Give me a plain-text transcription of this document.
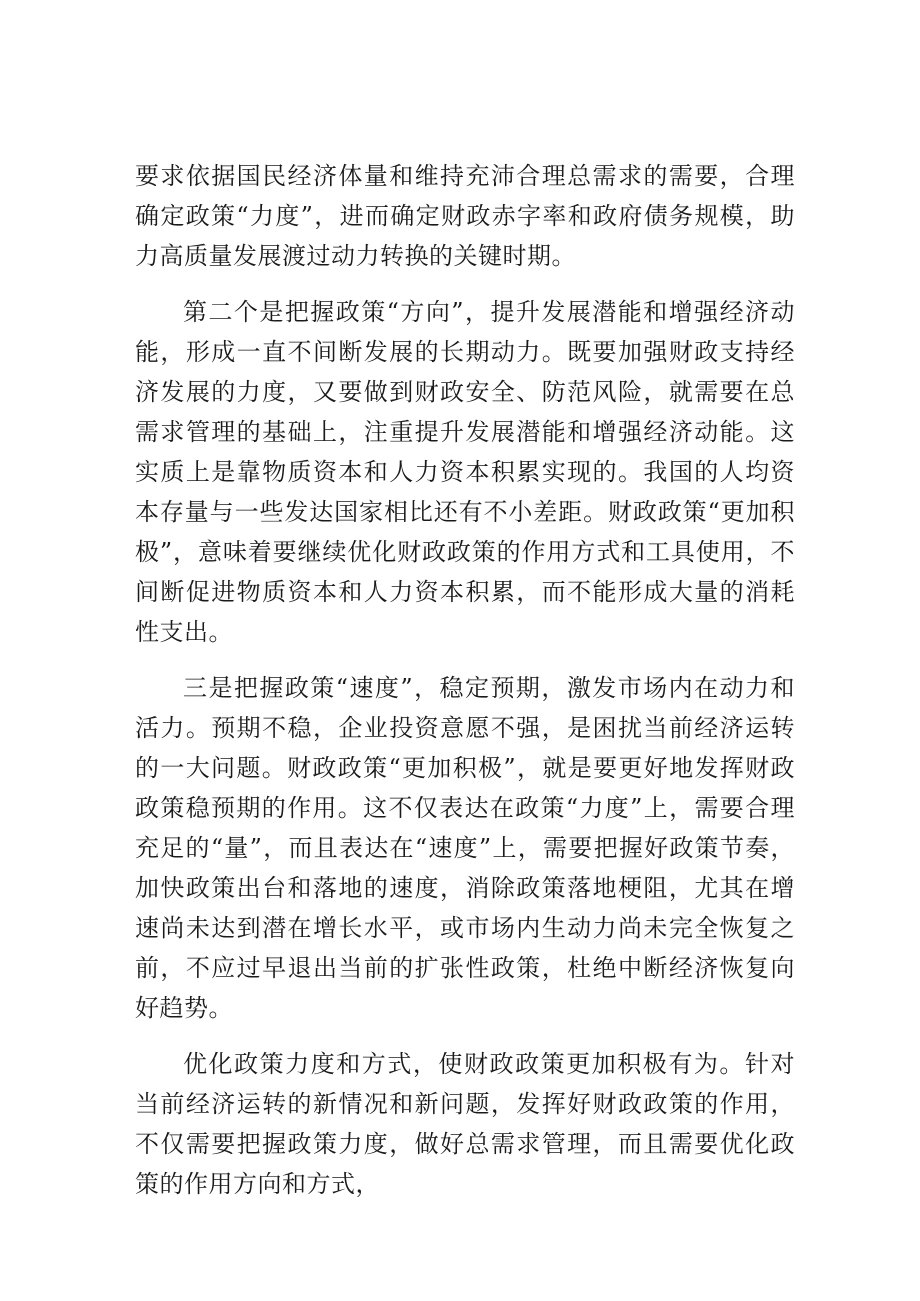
要求依据国民经济体量和维持充沛合理总需求的需要，合理确定政策“力度”，进而确定财政赤字率和政府债务规模，助力高质量发展渡过动力转换的关键时期。

第二个是把握政策“方向”，提升发展潜能和增强经济动能，形成一直不间断发展的长期动力。既要加强财政支持经济发展的力度，又要做到财政安全、防范风险，就需要在总需求管理的基础上，注重提升发展潜能和增强经济动能。这实质上是靠物质资本和人力资本积累实现的。我国的人均资本存量与一些发达国家相比还有不小差距。财政政策“更加积极”，意味着要继续优化财政政策的作用方式和工具使用，不间断促进物质资本和人力资本积累，而不能形成大量的消耗性支出。

三是把握政策“速度”，稳定预期，激发市场内在动力和活力。预期不稳，企业投资意愿不强，是困扰当前经济运转的一大问题。财政政策“更加积极”，就是要更好地发挥财政政策稳预期的作用。这不仅表达在政策“力度”上，需要合理充足的“量”，而且表达在“速度”上，需要把握好政策节奏，加快政策出台和落地的速度，消除政策落地梗阻，尤其在增速尚未达到潜在增长水平，或市场内生动力尚未完全恢复之前，不应过早退出当前的扩张性政策，杜绝中断经济恢复向好趋势。

优化政策力度和方式，使财政政策更加积极有为。针对当前经济运转的新情况和新问题，发挥好财政政策的作用，不仅需要把握政策力度，做好总需求管理，而且需要优化政策的作用方向和方式，
